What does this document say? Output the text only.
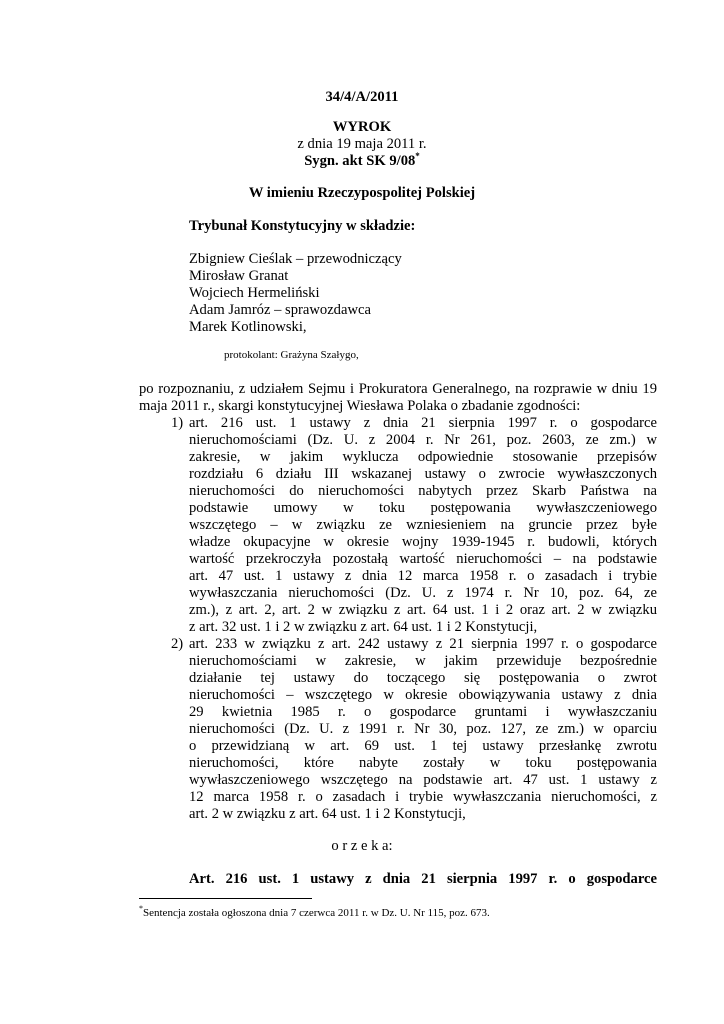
34/4/A/2011
WYROK
z dnia 19 maja 2011 r.
Sygn. akt SK 9/08*
W imieniu Rzeczypospolitej Polskiej
Trybunał Konstytucyjny w składzie:
Zbigniew Cieślak – przewodniczący
Mirosław Granat
Wojciech Hermeliński
Adam Jamróz – sprawozdawca
Marek Kotlinowski,
protokolant: Grażyna Szałygo,
po rozpoznaniu, z udziałem Sejmu i Prokuratora Generalnego, na rozprawie w dniu 19
maja 2011 r., skargi konstytucyjnej Wiesława Polaka o zbadanie zgodności:
1) art. 216 ust. 1 ustawy z dnia 21 sierpnia 1997 r. o gospodarce
nieruchomościami (Dz. U. z 2004 r. Nr 261, poz. 2603, ze zm.) w
zakresie, w jakim wyklucza odpowiednie stosowanie przepisów
rozdziału 6 działu III wskazanej ustawy o zwrocie wywłaszczonych
nieruchomości do nieruchomości nabytych przez Skarb Państwa na
podstawie umowy w toku postępowania wywłaszczeniowego
wszczętego – w związku ze wzniesieniem na gruncie przez byłe
władze okupacyjne w okresie wojny 1939-1945 r. budowli, których
wartość przekroczyła pozostałą wartość nieruchomości – na podstawie
art. 47 ust. 1 ustawy z dnia 12 marca 1958 r. o zasadach i trybie
wywłaszczania nieruchomości (Dz. U. z 1974 r. Nr 10, poz. 64, ze
zm.), z art. 2, art. 2 w związku z art. 64 ust. 1 i 2 oraz art. 2 w związku
z art. 32 ust. 1 i 2 w związku z art. 64 ust. 1 i 2 Konstytucji,
2) art. 233 w związku z art. 242 ustawy z 21 sierpnia 1997 r. o gospodarce
nieruchomościami w zakresie, w jakim przewiduje bezpośrednie
działanie tej ustawy do toczącego się postępowania o zwrot
nieruchomości – wszczętego w okresie obowiązywania ustawy z dnia
29 kwietnia 1985 r. o gospodarce gruntami i wywłaszczaniu
nieruchomości (Dz. U. z 1991 r. Nr 30, poz. 127, ze zm.) w oparciu
o przewidzianą w art. 69 ust. 1 tej ustawy przesłankę zwrotu
nieruchomości, które nabyte zostały w toku postępowania
wywłaszczeniowego wszczętego na podstawie art. 47 ust. 1 ustawy z
12 marca 1958 r. o zasadach i trybie wywłaszczania nieruchomości, z
art. 2 w związku z art. 64 ust. 1 i 2 Konstytucji,
o r z e k a:
Art. 216 ust. 1 ustawy z dnia 21 sierpnia 1997 r. o gospodarce
*Sentencja została ogłoszona dnia 7 czerwca 2011 r. w Dz. U. Nr 115, poz. 673.
